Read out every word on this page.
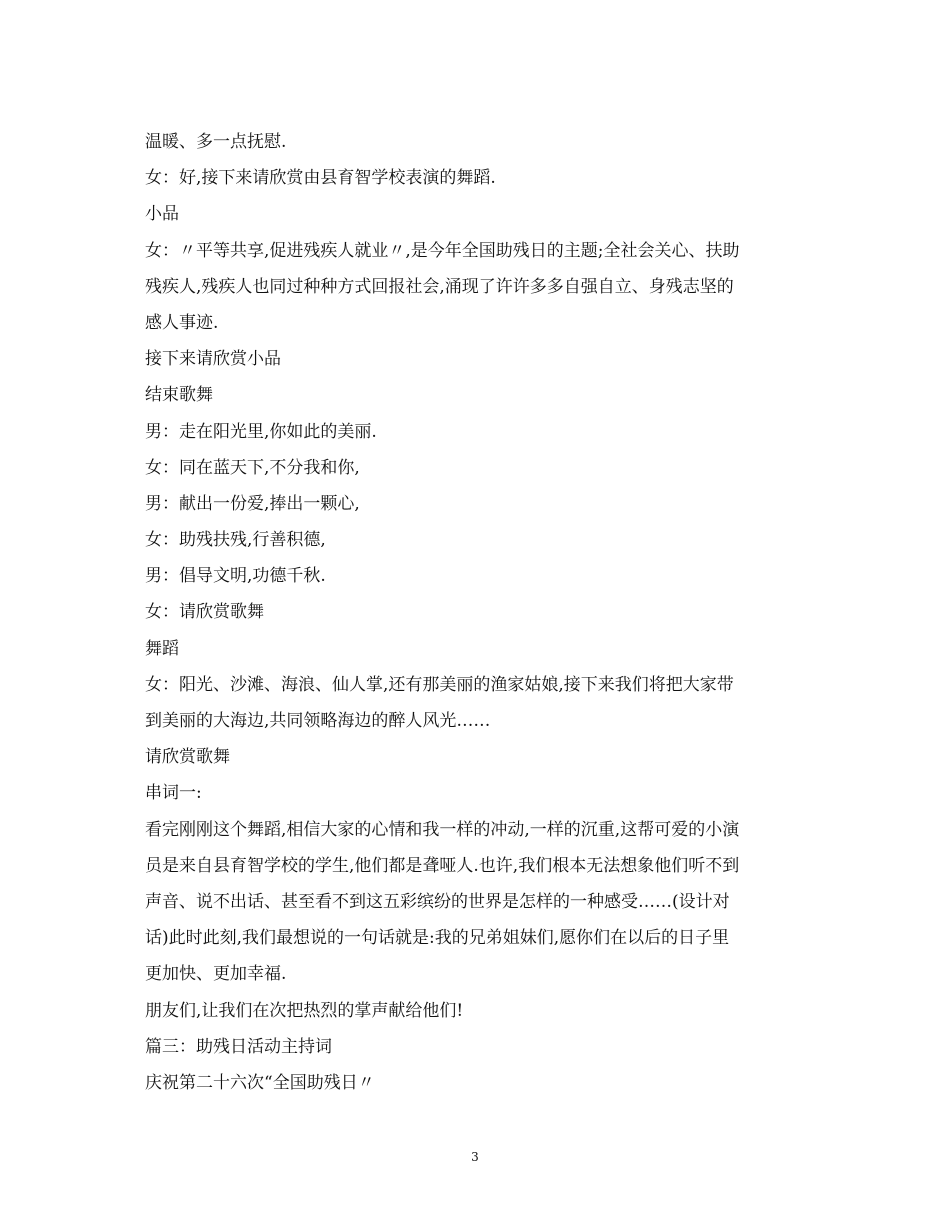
温暖、多一点抚慰.
女：好,接下来请欣赏由县育智学校表演的舞蹈.
小品
女：〃平等共享,促进残疾人就业〃,是今年全国助残日的主题;全社会关心、扶助
残疾人,残疾人也同过种种方式回报社会,涌现了许许多多自强自立、身残志坚的
感人事迹.
接下来请欣赏小品
结束歌舞
男：走在阳光里,你如此的美丽.
女：同在蓝天下,不分我和你,
男：献出一份爱,捧出一颗心,
女：助残扶残,行善积德,
男：倡导文明,功德千秋.
女：请欣赏歌舞
舞蹈
女：阳光、沙滩、海浪、仙人掌,还有那美丽的渔家姑娘,接下来我们将把大家带
到美丽的大海边,共同领略海边的醉人风光……
请欣赏歌舞
串词一:
看完刚刚这个舞蹈,相信大家的心情和我一样的冲动,一样的沉重,这帮可爱的小演
员是来自县育智学校的学生,他们都是聋哑人.也许,我们根本无法想象他们听不到
声音、说不出话、甚至看不到这五彩缤纷的世界是怎样的一种感受……(设计对
话)此时此刻,我们最想说的一句话就是:我的兄弟姐妹们,愿你们在以后的日子里
更加快、更加幸福.
朋友们,让我们在次把热烈的掌声献给他们!
篇三：助残日活动主持词
庆祝第二十六次“全国助残日〃
3
